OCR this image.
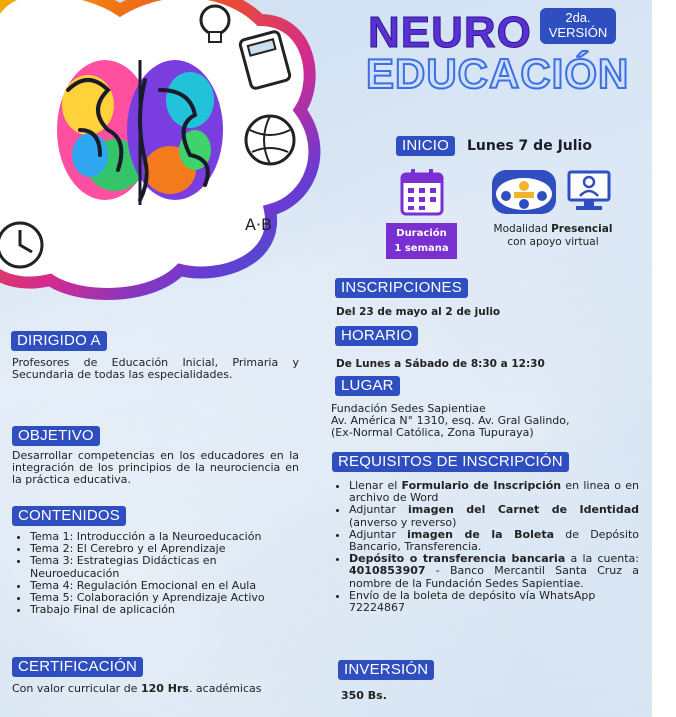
A·B
NEURO	2da.
VERSIÓN
EDUCACIÓN
INICIO	Lunes 7 de Julio
Duración
1 semana
Modalidad Presencial
con apoyo virtual
DIRIGIDO A
Profesores de Educación Inicial, Primaria y Secundaria de todas las especialidades.
OBJETIVO
Desarrollar competencias en los educadores en la integración de los principios de la neurociencia en la práctica educativa.
CONTENIDOS
• Tema 1: Introducción a la Neuroeducación
• Tema 2: El Cerebro y el Aprendizaje
• Tema 3: Estrategias Didácticas en Neuroeducación
• Tema 4: Regulación Emocional en el Aula
• Tema 5: Colaboración y Aprendizaje Activo
• Trabajo Final de aplicación
CERTIFICACIÓN
Con valor curricular de 120 Hrs. académicas
INSCRIPCIONES
Del 23 de mayo al 2 de julio
HORARIO
De Lunes a Sábado de 8:30 a 12:30
LUGAR
Fundación Sedes Sapientiae
Av. América N° 1310, esq. Av. Gral Galindo,
(Ex-Normal Católica, Zona Tupuraya)
REQUISITOS DE INSCRIPCIÓN
• Llenar el Formulario de Inscripción en linea o en archivo de Word
• Adjuntar imagen del Carnet de Identidad (anverso y reverso)
• Adjuntar imagen de la Boleta de Depósito Bancario, Transferencia.
• Depósito o transferencia bancaria a la cuenta: 4010853907 - Banco Mercantil Santa Cruz a nombre de la Fundación Sedes Sapientiae.
• Envío de la boleta de depósito vía WhatsApp 72224867
INVERSIÓN
350 Bs.
